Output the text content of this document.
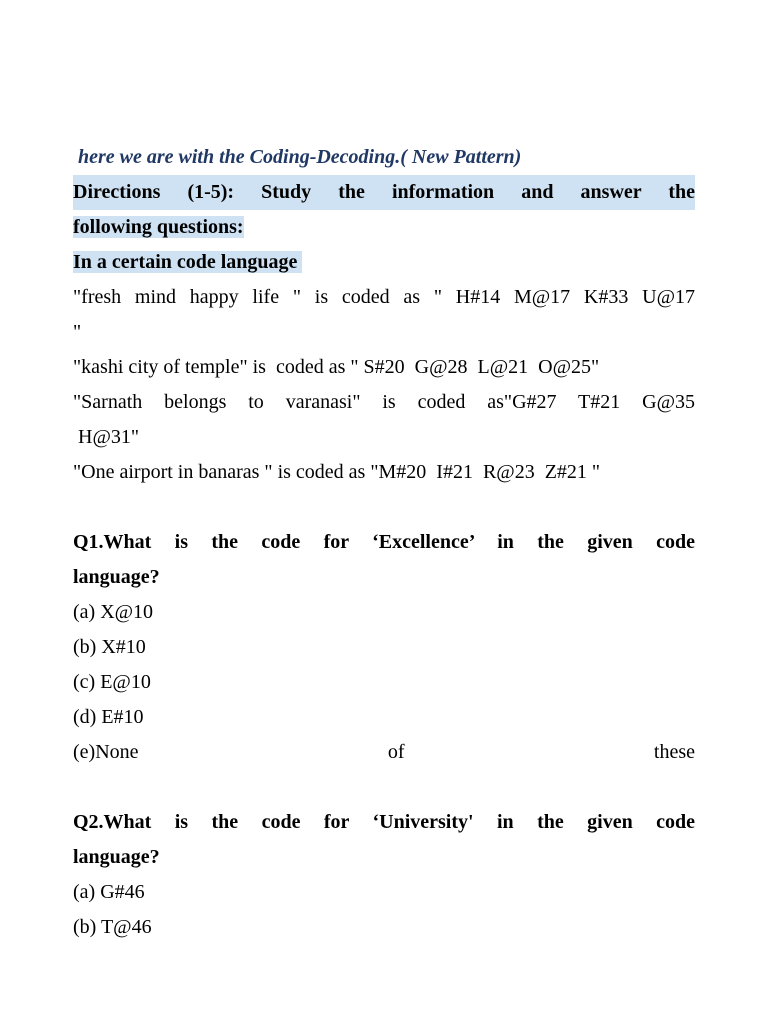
here we are with the Coding-Decoding.( New Pattern)
Directions (1-5): Study the information and answer the
following questions:
In a certain code language
"fresh mind happy life " is coded as " H#14 M@17 K#33 U@17
"
"kashi city of temple" is  coded as " S#20  G@28  L@21  O@25"
"Sarnath belongs to varanasi" is coded as"G#27 T#21 G@35
H@31"
"One airport in banaras " is coded as "M#20  I#21  R@23  Z#21 "
Q1.What is the code for ‘Excellence’ in the given code
language?
(a) X@10
(b) X#10
(c) E@10
(d) E#10
(e)None of these
Q2.What is the code for ‘University' in the given code
language?
(a) G#46
(b) T@46
